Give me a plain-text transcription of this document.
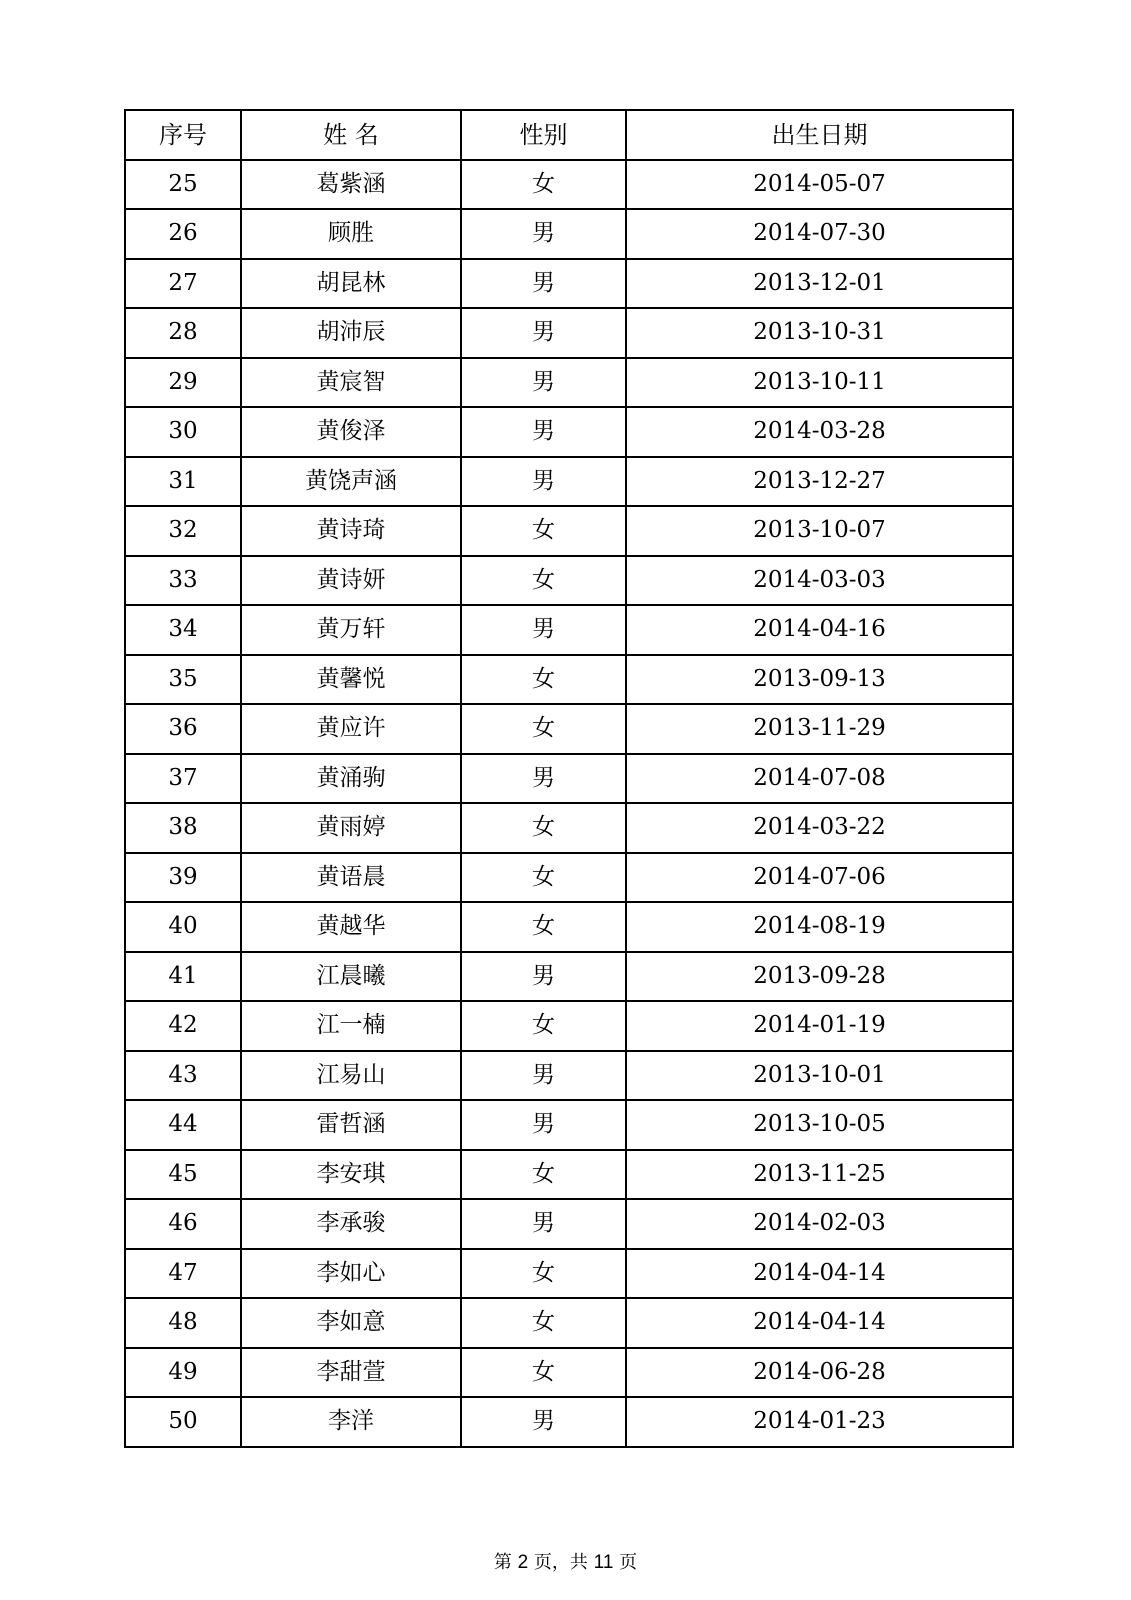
序号	姓 名	性别	出生日期
25	葛紫涵	女	2014-05-07
26	顾胜	男	2014-07-30
27	胡昆林	男	2013-12-01
28	胡沛辰	男	2013-10-31
29	黄宸智	男	2013-10-11
30	黄俊泽	男	2014-03-28
31	黄饶声涵	男	2013-12-27
32	黄诗琦	女	2013-10-07
33	黄诗妍	女	2014-03-03
34	黄万轩	男	2014-04-16
35	黄馨悦	女	2013-09-13
36	黄应许	女	2013-11-29
37	黄涌驹	男	2014-07-08
38	黄雨婷	女	2014-03-22
39	黄语晨	女	2014-07-06
40	黄越华	女	2014-08-19
41	江晨曦	男	2013-09-28
42	江一楠	女	2014-01-19
43	江易山	男	2013-10-01
44	雷哲涵	男	2013-10-05
45	李安琪	女	2013-11-25
46	李承骏	男	2014-02-03
47	李如心	女	2014-04-14
48	李如意	女	2014-04-14
49	李甜萱	女	2014-06-28
50	李洋	男	2014-01-23
第 2 页，共 11 页
